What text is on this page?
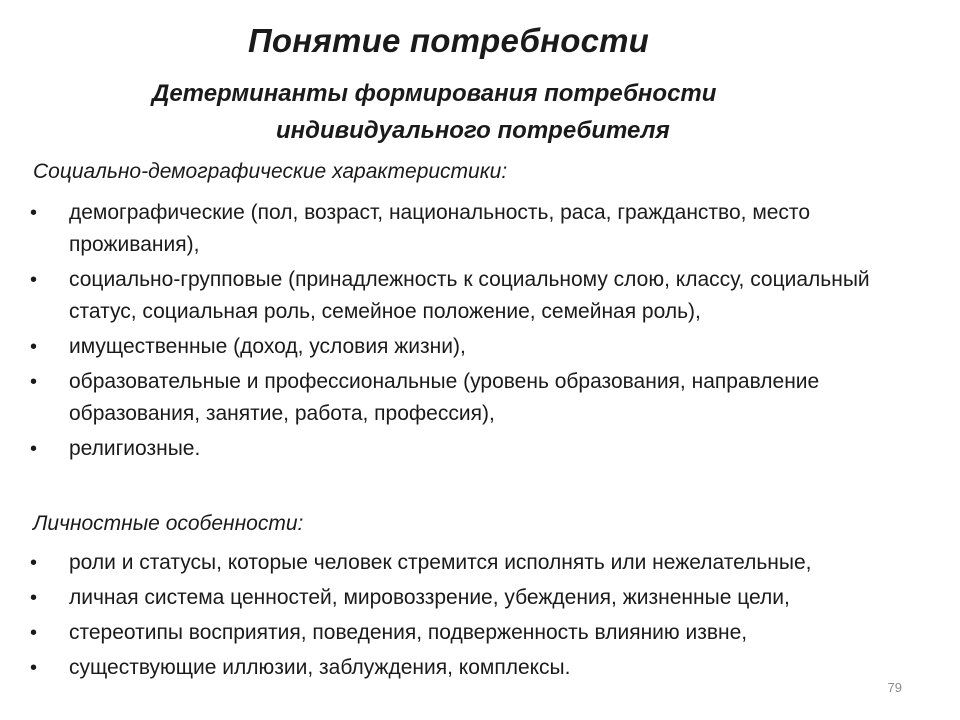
Понятие потребности
Детерминанты формирования потребности
индивидуального потребителя
Социально-демографические характеристики:
• демографические (пол, возраст, национальность, раса, гражданство, место проживания),
• социально-групповые (принадлежность к социальному слою, классу, социальный статус, социальная роль, семейное положение, семейная роль),
• имущественные (доход, условия жизни),
• образовательные и профессиональные (уровень образования, направление образования, занятие, работа, профессия),
• религиозные.
Личностные особенности:
• роли и статусы, которые человек стремится исполнять или нежелательные,
• личная система ценностей, мировоззрение, убеждения, жизненные цели,
• стереотипы восприятия, поведения, подверженность влиянию извне,
• существующие иллюзии, заблуждения, комплексы.
79
